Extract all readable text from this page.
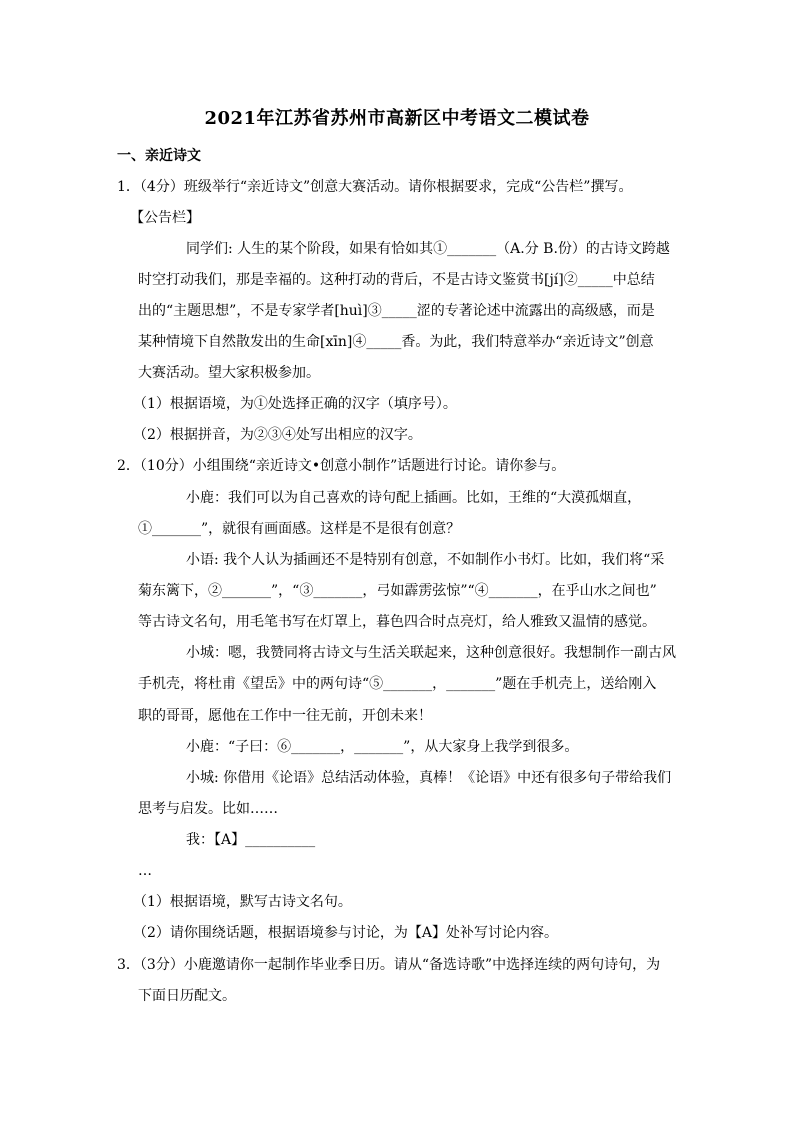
2021年江苏省苏州市高新区中考语文二模试卷
一、亲近诗文
1．（4分）班级举行“亲近诗文”创意大赛活动。请你根据要求，完成“公告栏”撰写。
【公告栏】
同学们: 人生的某个阶段，如果有恰如其①_______（A.分 B.份）的古诗文跨越
时空打动我们，那是幸福的。这种打动的背后，不是古诗文鉴赏书[jí]②_____中总结
出的“主题思想”，不是专家学者[huì]③_____涩的专著论述中流露出的高级感，而是
某种情境下自然散发出的生命[xīn]④_____香。为此，我们特意举办“亲近诗文”创意
大赛活动。望大家积极参加。
（1）根据语境，为①处选择正确的汉字（填序号）。
（2）根据拼音，为②③④处写出相应的汉字。
2．（10分）小组围绕“亲近诗文•创意小制作”话题进行讨论。请你参与。
小鹿：我们可以为自己喜欢的诗句配上插画。比如，王维的“大漠孤烟直，
①_______”，就很有画面感。这样是不是很有创意？
小语: 我个人认为插画还不是特别有创意，不如制作小书灯。比如，我们将“采
菊东篱下，②_______”，“③_______，弓如霹雳弦惊”“④_______，在乎山水之间也”
等古诗文名句，用毛笔书写在灯罩上，暮色四合时点亮灯，给人雅致又温情的感觉。
小城：嗯，我赞同将古诗文与生活关联起来，这种创意很好。我想制作一副古风
手机壳，将杜甫《望岳》中的两句诗“⑤_______，_______”题在手机壳上，送给刚入
职的哥哥，愿他在工作中一往无前，开创未来！
小鹿：“子曰：⑥_______，_______”，从大家身上我学到很多。
小城: 你借用《论语》总结活动体验，真棒！《论语》中还有很多句子带给我们
思考与启发。比如……
我：【A】__________
…
（1）根据语境，默写古诗文名句。
（2）请你围绕话题，根据语境参与讨论，为【A】处补写讨论内容。
3．（3分）小鹿邀请你一起制作毕业季日历。请从“备选诗歌”中选择连续的两句诗句，为
下面日历配文。
